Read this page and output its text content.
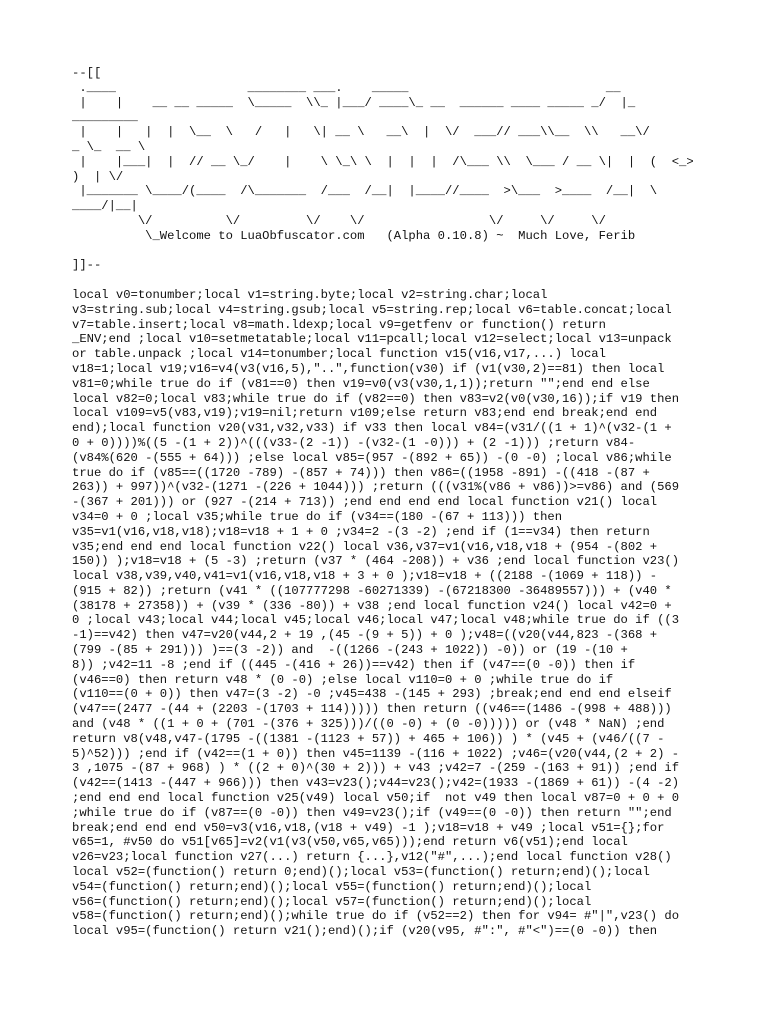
--[[
.____                  ________ ___.    _____                           __
|    |    __ __ _____  \_____  \\_ |___/ ____\_ __  ______ ____ _____ _/  |_
_________
|    |   |  |  \__  \   /   |   \| __ \   __\  |  \/  ___// ___\\__  \\   __\/
_ \_  __ \
|    |___|  |  // __ \_/    |    \ \_\ \  |  |  |  /\___ \\  \___ / __ \|  |  (  <_>
)  | \/
|_______ \____/(____  /\_______  /___  /__|  |____//____  >\___  >____  /__|  \
____/|__|
\/          \/         \/    \/                 \/     \/     \/
\_Welcome to LuaObfuscator.com   (Alpha 0.10.8) ~  Much Love, Ferib
]]--
local v0=tonumber;local v1=string.byte;local v2=string.char;local
v3=string.sub;local v4=string.gsub;local v5=string.rep;local v6=table.concat;local
v7=table.insert;local v8=math.ldexp;local v9=getfenv or function() return
_ENV;end ;local v10=setmetatable;local v11=pcall;local v12=select;local v13=unpack
or table.unpack ;local v14=tonumber;local function v15(v16,v17,...) local
v18=1;local v19;v16=v4(v3(v16,5),"..",function(v30) if (v1(v30,2)==81) then local
v81=0;while true do if (v81==0) then v19=v0(v3(v30,1,1));return "";end end else
local v82=0;local v83;while true do if (v82==0) then v83=v2(v0(v30,16));if v19 then
local v109=v5(v83,v19);v19=nil;return v109;else return v83;end end break;end end
end);local function v20(v31,v32,v33) if v33 then local v84=(v31/((1 + 1)^(v32-(1 +
0 + 0))))%((5 -(1 + 2))^(((v33-(2 -1)) -(v32-(1 -0))) + (2 -1))) ;return v84-
(v84%(620 -(555 + 64))) ;else local v85=(957 -(892 + 65)) -(0 -0) ;local v86;while
true do if (v85==((1720 -789) -(857 + 74))) then v86=((1958 -891) -((418 -(87 +
263)) + 997))^(v32-(1271 -(226 + 1044))) ;return (((v31%(v86 + v86))>=v86) and (569
-(367 + 201))) or (927 -(214 + 713)) ;end end end end local function v21() local
v34=0 + 0 ;local v35;while true do if (v34==(180 -(67 + 113))) then
v35=v1(v16,v18,v18);v18=v18 + 1 + 0 ;v34=2 -(3 -2) ;end if (1==v34) then return
v35;end end end local function v22() local v36,v37=v1(v16,v18,v18 + (954 -(802 +
150)) );v18=v18 + (5 -3) ;return (v37 * (464 -208)) + v36 ;end local function v23()
local v38,v39,v40,v41=v1(v16,v18,v18 + 3 + 0 );v18=v18 + ((2188 -(1069 + 118)) -
(915 + 82)) ;return (v41 * ((107777298 -60271339) -(67218300 -36489557))) + (v40 *
(38178 + 27358)) + (v39 * (336 -80)) + v38 ;end local function v24() local v42=0 +
0 ;local v43;local v44;local v45;local v46;local v47;local v48;while true do if ((3
-1)==v42) then v47=v20(v44,2 + 19 ,(45 -(9 + 5)) + 0 );v48=((v20(v44,823 -(368 +
(799 -(85 + 291))) )==(3 -2)) and  -((1266 -(243 + 1022)) -0)) or (19 -(10 +
8)) ;v42=11 -8 ;end if ((445 -(416 + 26))==v42) then if (v47==(0 -0)) then if
(v46==0) then return v48 * (0 -0) ;else local v110=0 + 0 ;while true do if
(v110==(0 + 0)) then v47=(3 -2) -0 ;v45=438 -(145 + 293) ;break;end end end elseif
(v47==(2477 -(44 + (2203 -(1703 + 114))))) then return ((v46==(1486 -(998 + 488)))
and (v48 * ((1 + 0 + (701 -(376 + 325)))/((0 -0) + (0 -0))))) or (v48 * NaN) ;end
return v8(v48,v47-(1795 -((1381 -(1123 + 57)) + 465 + 106)) ) * (v45 + (v46/((7 -
5)^52))) ;end if (v42==(1 + 0)) then v45=1139 -(116 + 1022) ;v46=(v20(v44,(2 + 2) -
3 ,1075 -(87 + 968) ) * ((2 + 0)^(30 + 2))) + v43 ;v42=7 -(259 -(163 + 91)) ;end if
(v42==(1413 -(447 + 966))) then v43=v23();v44=v23();v42=(1933 -(1869 + 61)) -(4 -2)
;end end end local function v25(v49) local v50;if  not v49 then local v87=0 + 0 + 0
;while true do if (v87==(0 -0)) then v49=v23();if (v49==(0 -0)) then return "";end
break;end end end v50=v3(v16,v18,(v18 + v49) -1 );v18=v18 + v49 ;local v51={};for
v65=1, #v50 do v51[v65]=v2(v1(v3(v50,v65,v65)));end return v6(v51);end local
v26=v23;local function v27(...) return {...},v12("#",...);end local function v28()
local v52=(function() return 0;end)();local v53=(function() return;end)();local
v54=(function() return;end)();local v55=(function() return;end)();local
v56=(function() return;end)();local v57=(function() return;end)();local
v58=(function() return;end)();while true do if (v52==2) then for v94= #"|",v23() do
local v95=(function() return v21();end)();if (v20(v95, #":", #"<")==(0 -0)) then
